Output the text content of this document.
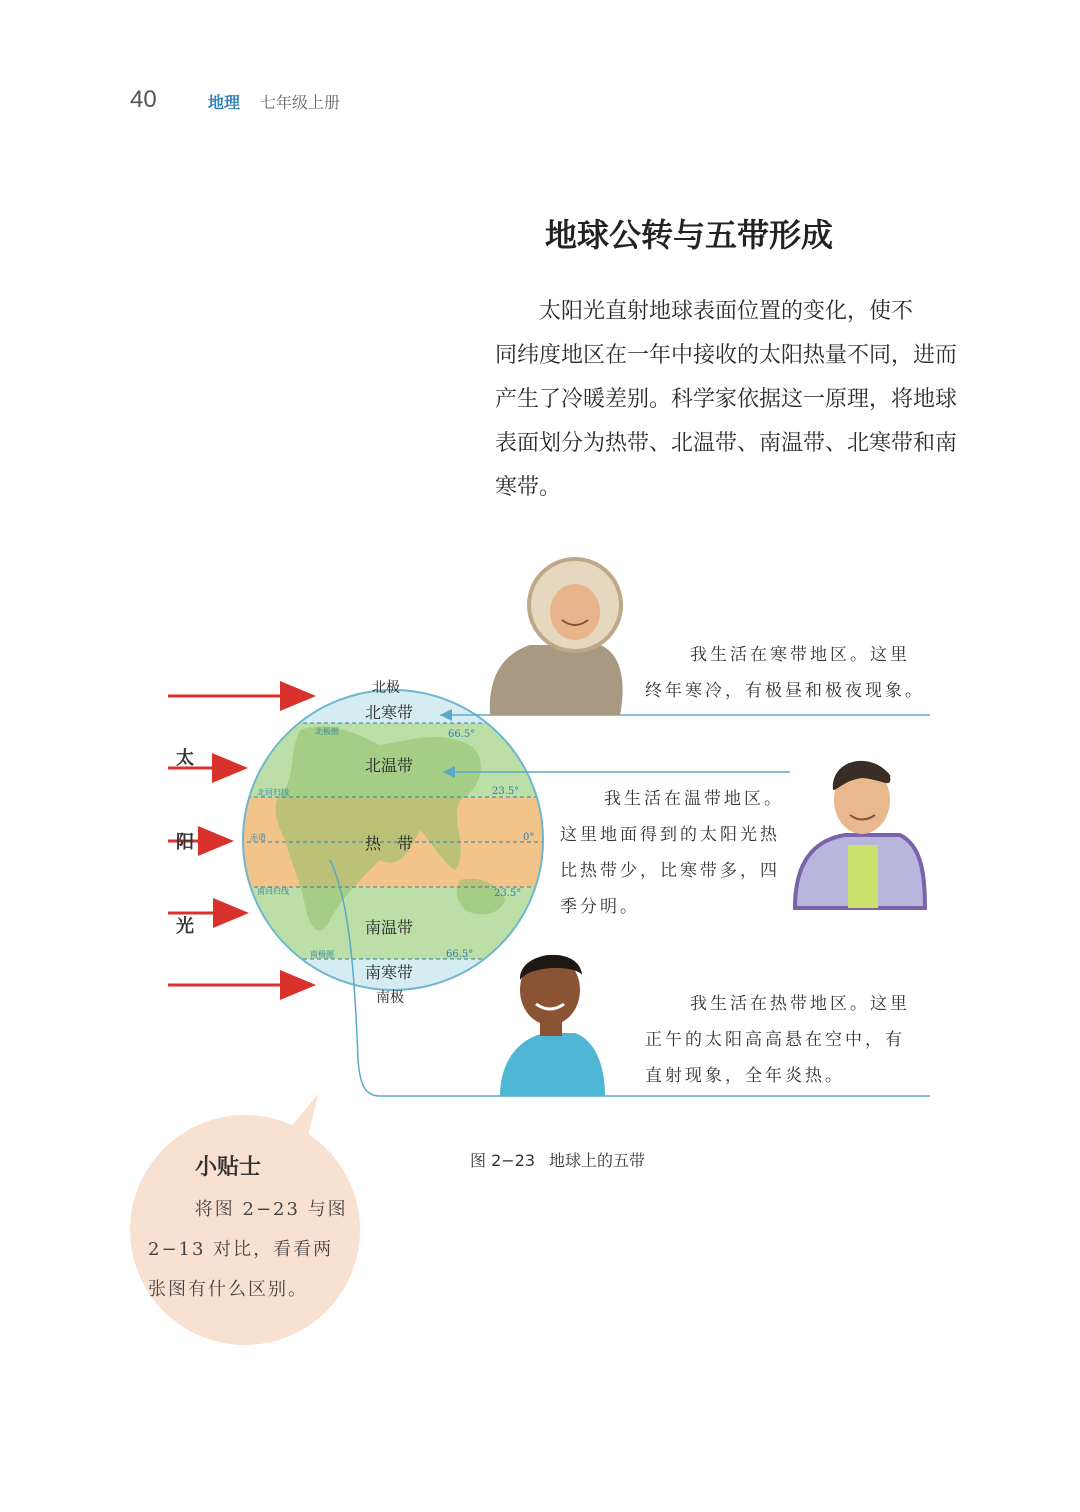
40	地理 七年级上册
地球公转与五带形成
太阳光直射地球表面位置的变化，使不
同纬度地区在一年中接收的太阳热量不同，进而产生了冷暖差别。科学家依据这一原理，将地球表面划分为热带、北温带、南温带、北寒带和南寒带。
太
阳
光
北极
南极
北寒带
北温带
热　带
南温带
南寒带
北极圈
北回归线
赤道
南回归线
南极圈
66.5°
23.5°
0°
23.5°
66.5°
我生活在寒带地区。这里
终年寒冷，有极昼和极夜现象。
我生活在温带地区。
这里地面得到的太阳光热
比热带少，比寒带多，四
季分明。
我生活在热带地区。这里
正午的太阳高高悬在空中，有
直射现象，全年炎热。
图 2−23 地球上的五带
小贴士
将图 2−23 与图
2−13 对比，看看两
张图有什么区别。
